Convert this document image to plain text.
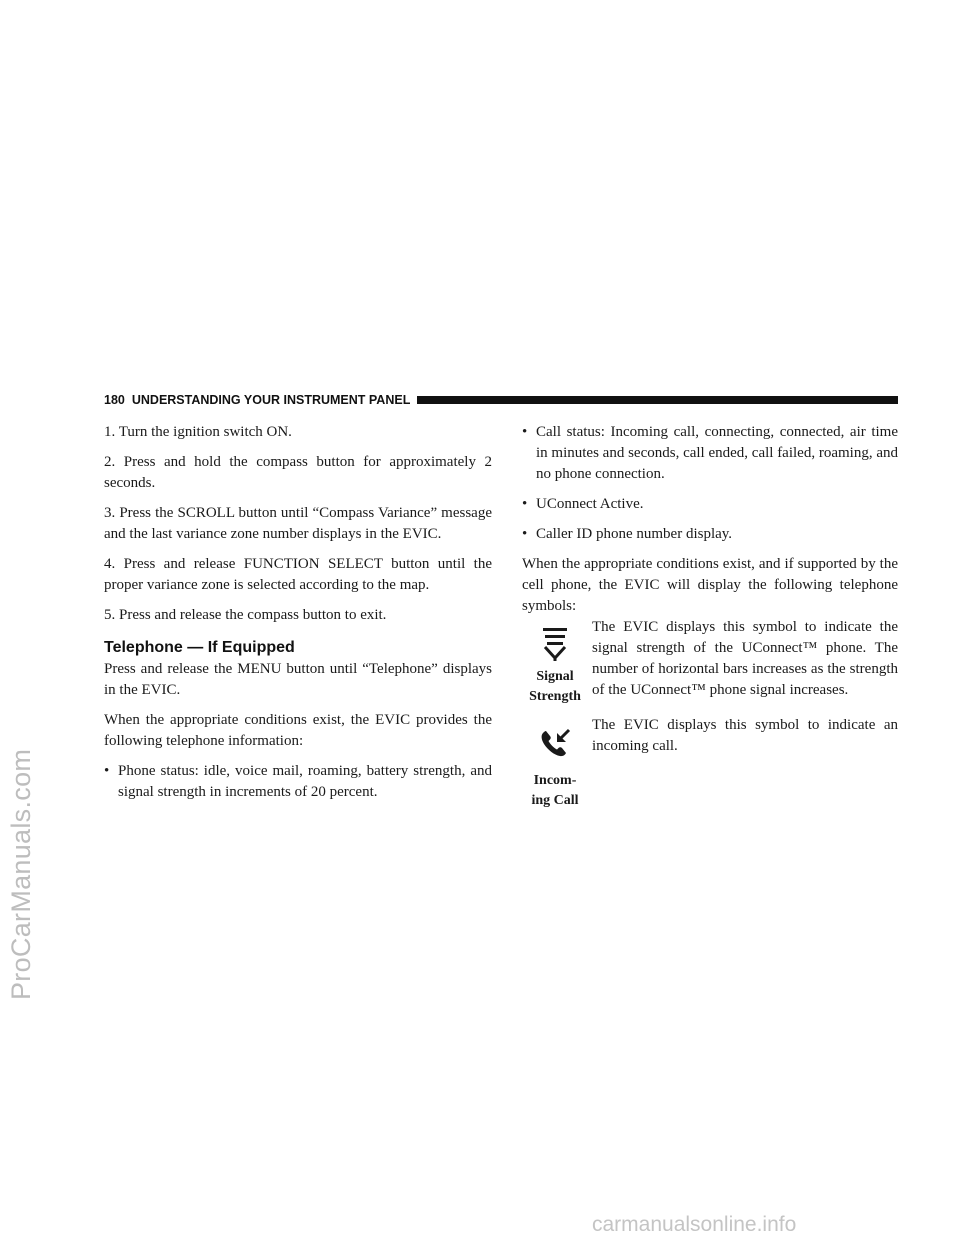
ProCarManuals.com
carmanualsonline.info
180 UNDERSTANDING YOUR INSTRUMENT PANEL

1. Turn the ignition switch ON.

2. Press and hold the compass button for approximately 2 seconds.

3. Press the SCROLL button until “Compass Variance” message and the last variance zone number displays in the EVIC.

4. Press and release FUNCTION SELECT button until the proper variance zone is selected according to the map.

5. Press and release the compass button to exit.

Telephone — If Equipped

Press and release the MENU button until “Telephone” displays in the EVIC.

When the appropriate conditions exist, the EVIC provides the following telephone information:

• Phone status: idle, voice mail, roaming, battery strength, and signal strength in increments of 20 percent.
• Call status: Incoming call, connecting, connected, air time in minutes and seconds, call ended, call failed, roaming, and no phone connection.
• UConnect Active.
• Caller ID phone number display.

When the appropriate conditions exist, and if supported by the cell phone, the EVIC will display the following telephone symbols:

Signal
Strength

The EVIC displays this symbol to indicate the signal strength of the UConnect™ phone. The number of horizontal bars increases as the strength of the UConnect™ phone signal increases.

Incom-
ing Call

The EVIC displays this symbol to indicate an incoming call.
